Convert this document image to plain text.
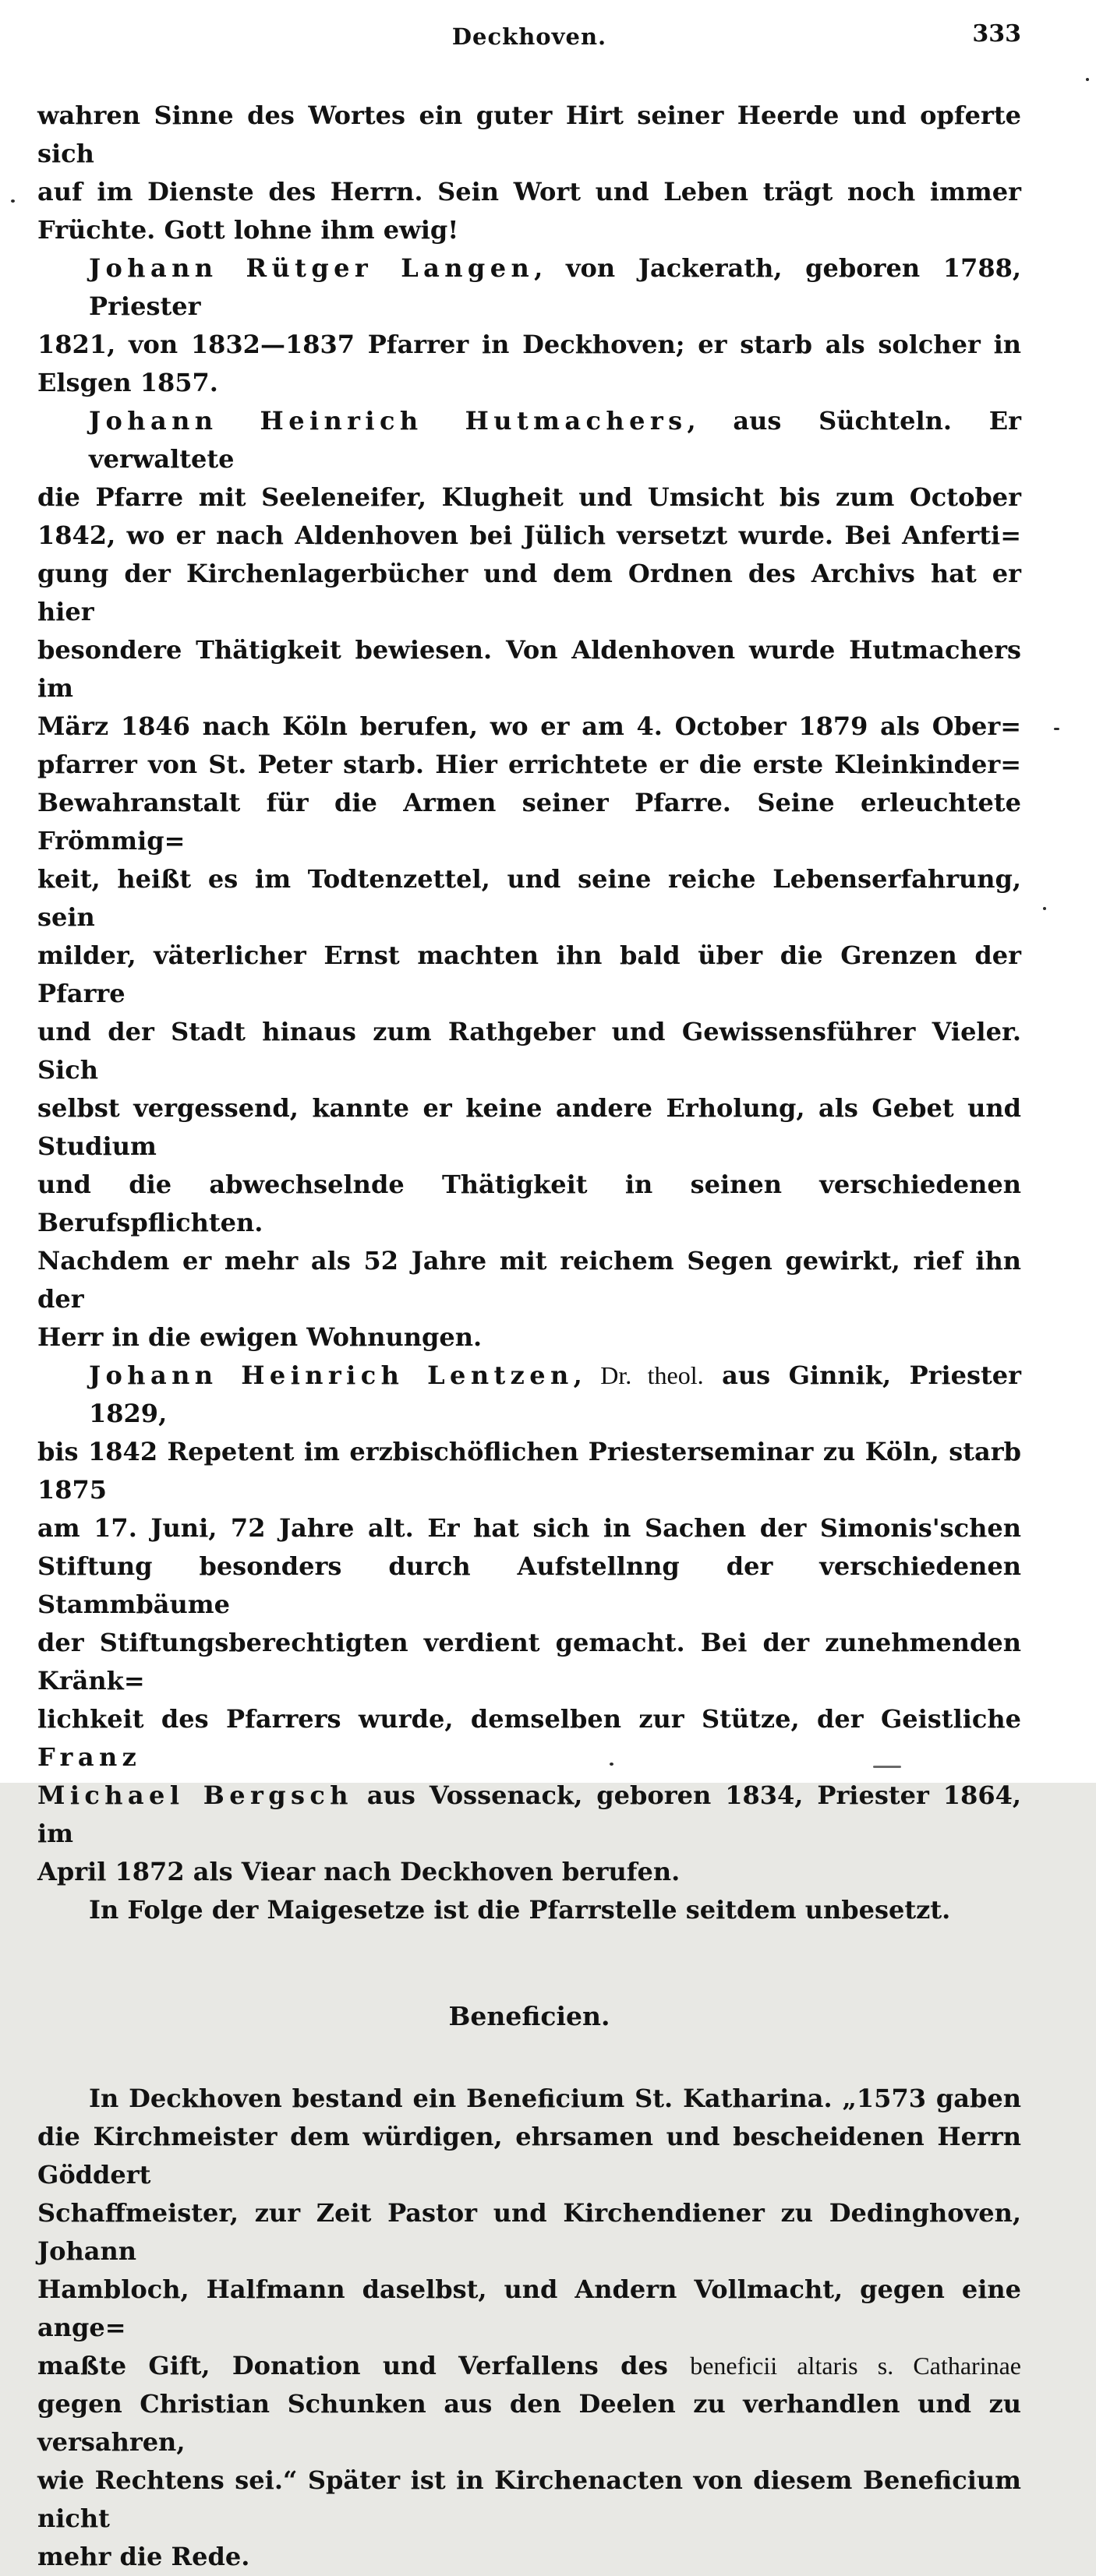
Deckhoven.	333
wahren Sinne des Wortes ein guter Hirt seiner Heerde und opferte sich
auf im Dienste des Herrn. Sein Wort und Leben trägt noch immer
Früchte. Gott lohne ihm ewig!
Johann Rütger Langen, von Jackerath, geboren 1788, Priester
1821, von 1832—1837 Pfarrer in Deckhoven; er starb als solcher in
Elsgen 1857.
Johann Heinrich Hutmachers, aus Süchteln. Er verwaltete
die Pfarre mit Seeleneifer, Klugheit und Umsicht bis zum October
1842, wo er nach Aldenhoven bei Jülich versetzt wurde. Bei Anferti=
gung der Kirchenlagerbücher und dem Ordnen des Archivs hat er hier
besondere Thätigkeit bewiesen. Von Aldenhoven wurde Hutmachers im
März 1846 nach Köln berufen, wo er am 4. October 1879 als Ober=
pfarrer von St. Peter starb. Hier errichtete er die erste Kleinkinder=
Bewahranstalt für die Armen seiner Pfarre. Seine erleuchtete Frömmig=
keit, heißt es im Todtenzettel, und seine reiche Lebenserfahrung, sein
milder, väterlicher Ernst machten ihn bald über die Grenzen der Pfarre
und der Stadt hinaus zum Rathgeber und Gewissensführer Vieler. Sich
selbst vergessend, kannte er keine andere Erholung, als Gebet und Studium
und die abwechselnde Thätigkeit in seinen verschiedenen Berufspflichten.
Nachdem er mehr als 52 Jahre mit reichem Segen gewirkt, rief ihn der
Herr in die ewigen Wohnungen.
Johann Heinrich Lentzen, Dr. theol. aus Ginnik, Priester 1829,
bis 1842 Repetent im erzbischöflichen Priesterseminar zu Köln, starb 1875
am 17. Juni, 72 Jahre alt. Er hat sich in Sachen der Simonis'schen
Stiftung besonders durch Aufstellnng der verschiedenen Stammbäume
der Stiftungsberechtigten verdient gemacht. Bei der zunehmenden Kränk=
lichkeit des Pfarrers wurde, demselben zur Stütze, der Geistliche Franz
Michael Bergsch aus Vossenack, geboren 1834, Priester 1864, im
April 1872 als Viear nach Deckhoven berufen.
In Folge der Maigesetze ist die Pfarrstelle seitdem unbesetzt.
Beneficien.
In Deckhoven bestand ein Beneficium St. Katharina. „1573 gaben
die Kirchmeister dem würdigen, ehrsamen und bescheidenen Herrn Göddert
Schaffmeister, zur Zeit Pastor und Kirchendiener zu Dedinghoven, Johann
Hambloch, Halfmann daselbst, und Andern Vollmacht, gegen eine ange=
maßte Gift, Donation und Verfallens des beneficii altaris s. Catharinae
gegen Christian Schunken aus den Deelen zu verhandlen und zu versahren,
wie Rechtens sei.“ Später ist in Kirchenacten von diesem Beneficium nicht
mehr die Rede.
